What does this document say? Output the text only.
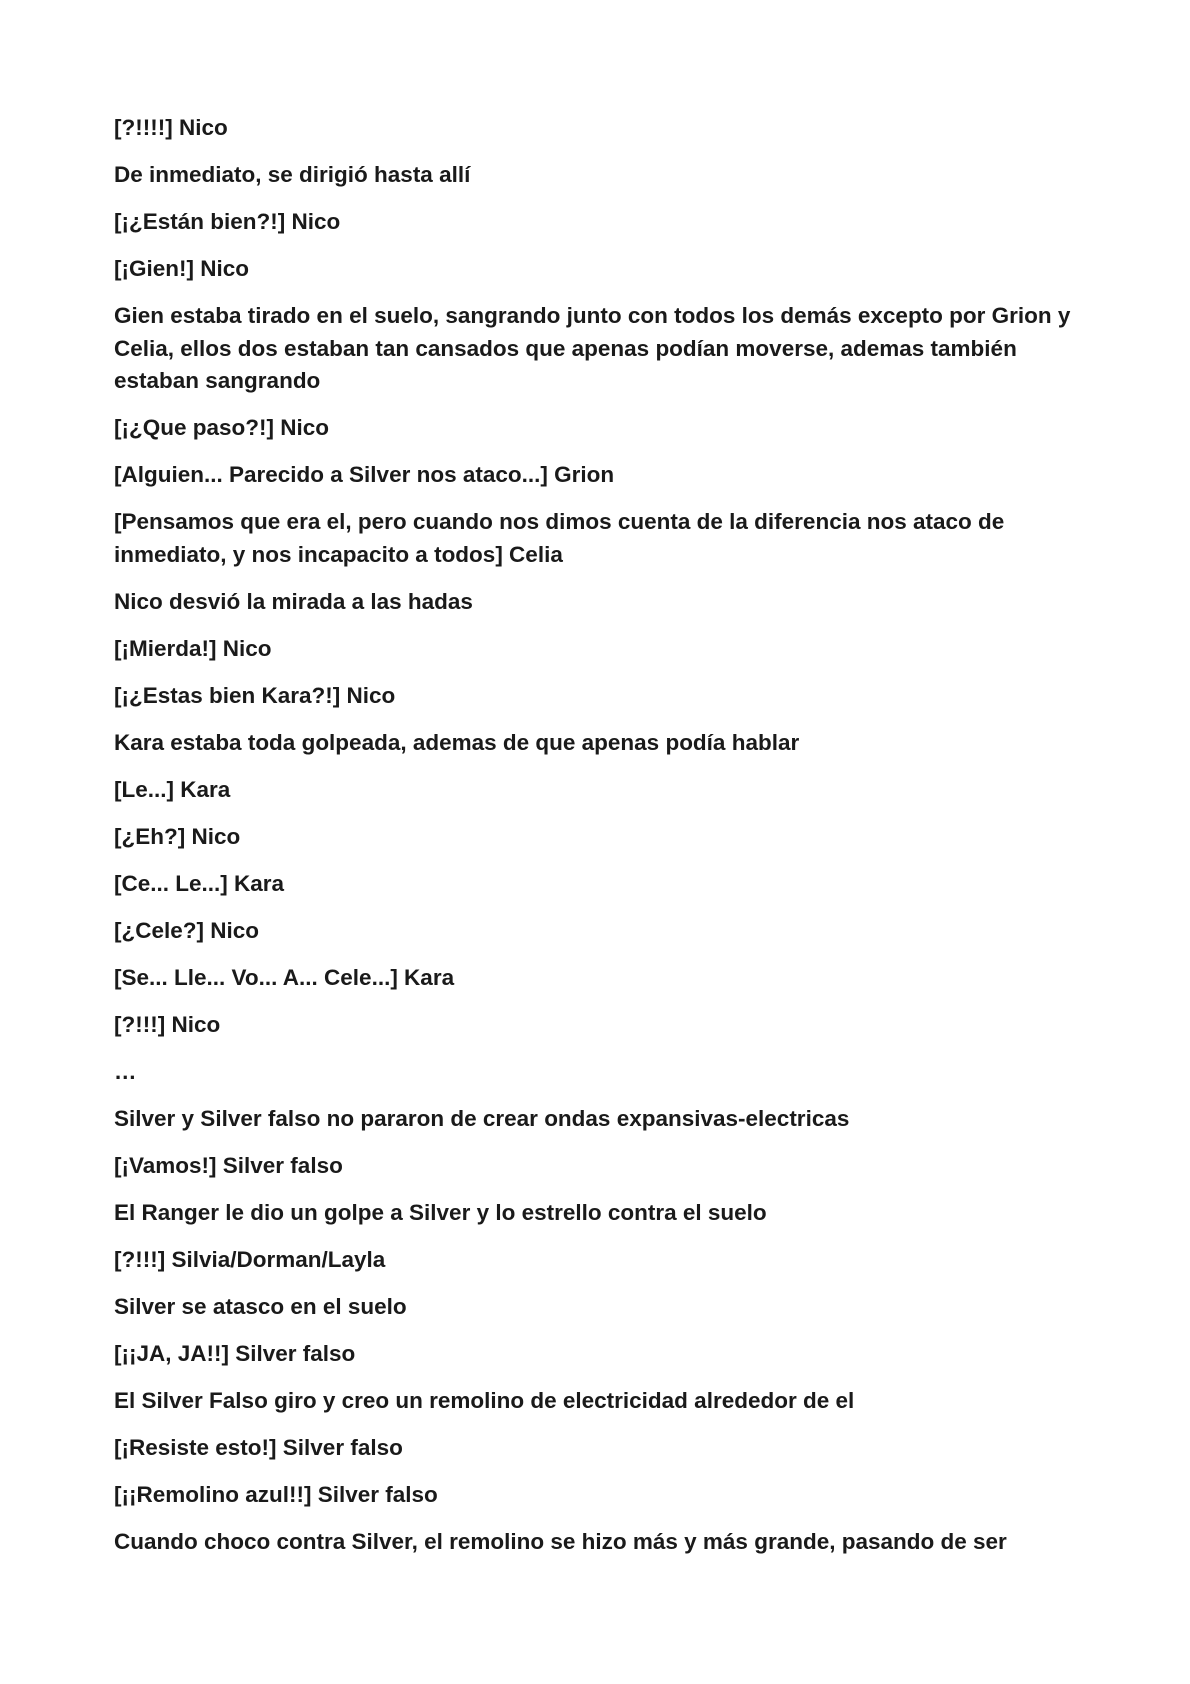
[?!!!!] Nico

De inmediato, se dirigió hasta allí

[¡¿Están bien?!] Nico

[¡Gien!] Nico

Gien estaba tirado en el suelo, sangrando junto con todos los demás excepto por Grion y Celia, ellos dos estaban tan cansados que apenas podían moverse, ademas también estaban sangrando

[¡¿Que paso?!] Nico

[Alguien... Parecido a Silver nos ataco...] Grion

[Pensamos que era el, pero cuando nos dimos cuenta de la diferencia nos ataco de inmediato, y nos incapacito a todos] Celia

Nico desvió la mirada a las hadas

[¡Mierda!] Nico

[¡¿Estas bien Kara?!] Nico

Kara estaba toda golpeada, ademas de que apenas podía hablar

[Le...] Kara

[¿Eh?] Nico

[Ce... Le...] Kara

[¿Cele?] Nico

[Se... Lle... Vo... A... Cele...] Kara

[?!!!] Nico

…

Silver y Silver falso no pararon de crear ondas expansivas-electricas

[¡Vamos!] Silver falso

El Ranger le dio un golpe a Silver y lo estrello contra el suelo

[?!!!] Silvia/Dorman/Layla

Silver se atasco en el suelo

[¡¡JA, JA!!] Silver falso

El Silver Falso giro y creo un remolino de electricidad alrededor de el

[¡Resiste esto!] Silver falso

[¡¡Remolino azul!!] Silver falso

Cuando choco contra Silver, el remolino se hizo más y más grande, pasando de ser
